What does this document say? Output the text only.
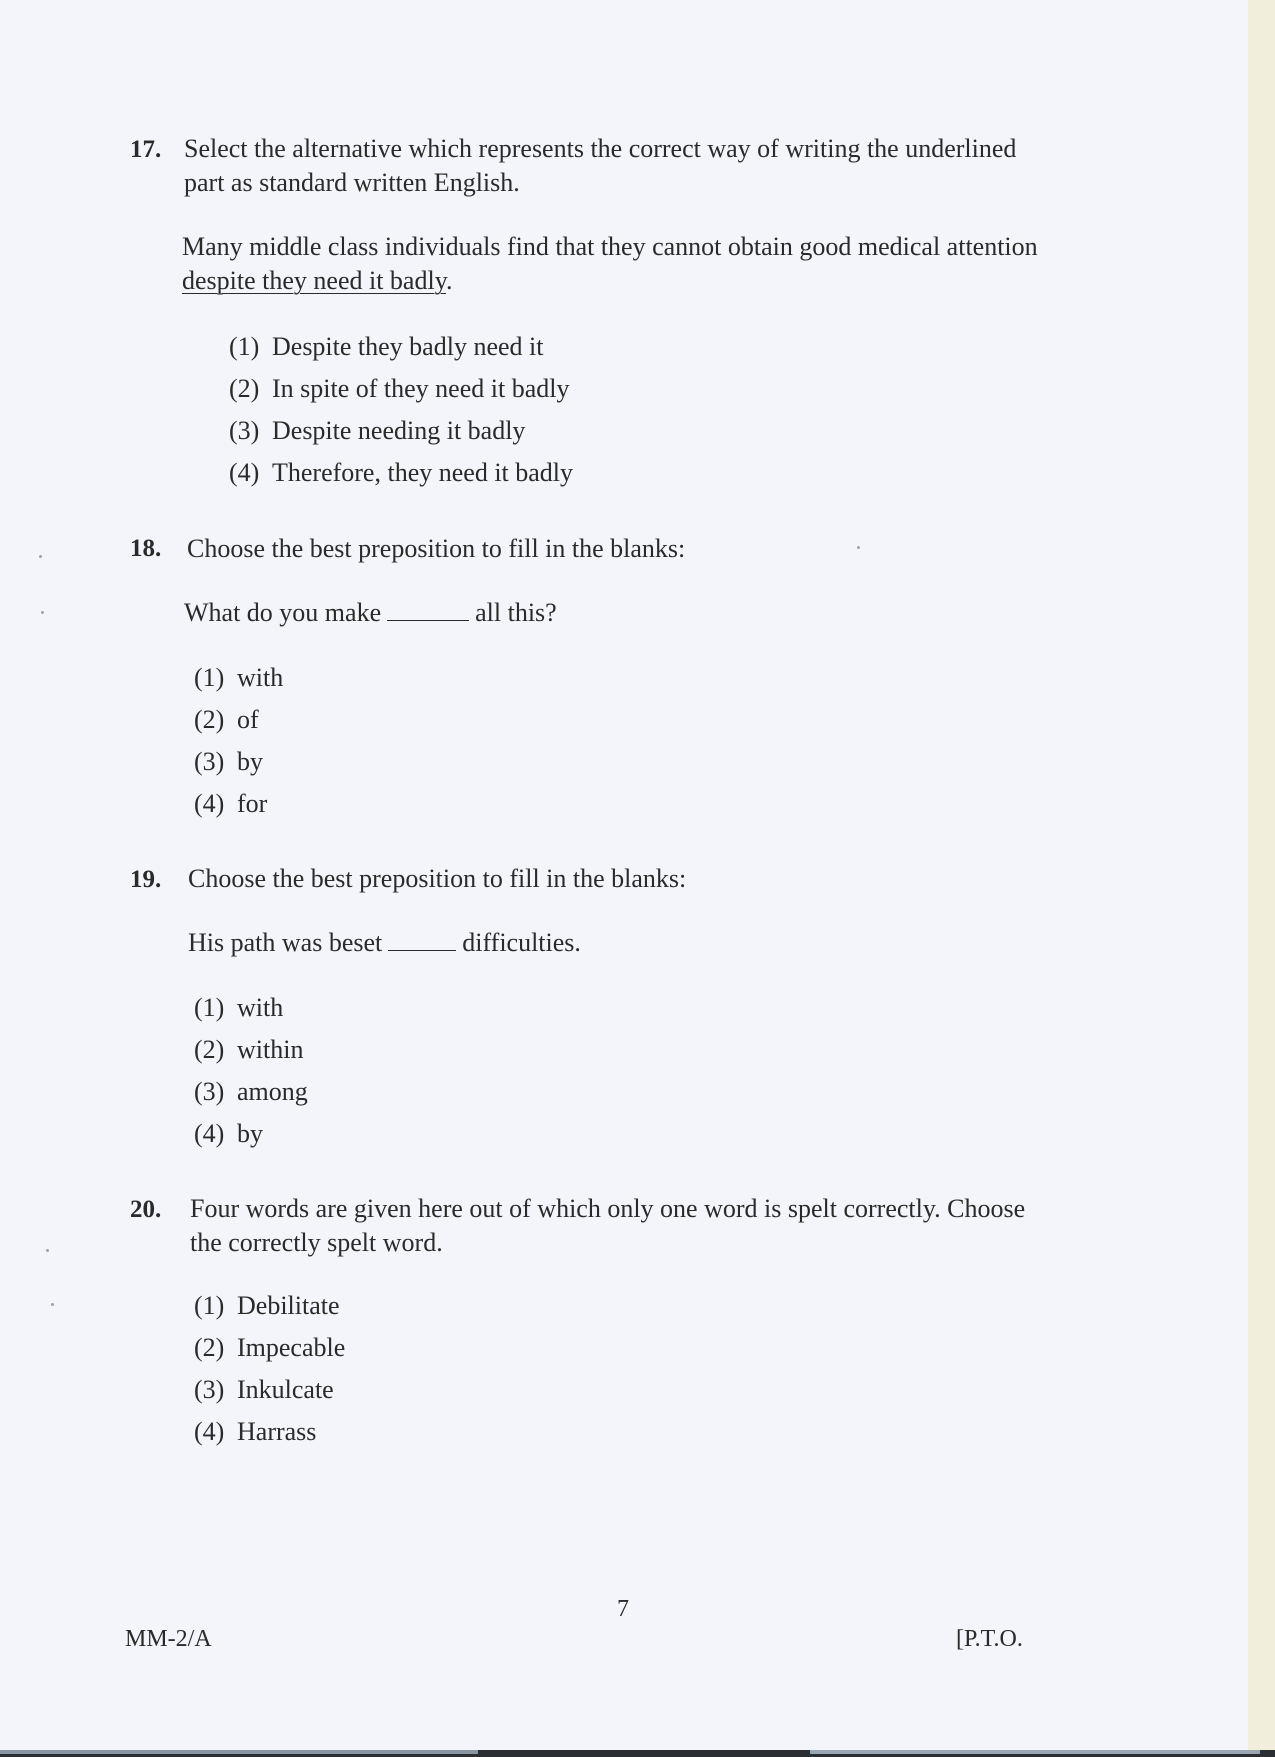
17. Select the alternative which represents the correct way of writing the underlined
part as standard written English.
Many middle class individuals find that they cannot obtain good medical attention
despite they need it badly.
(1) Despite they badly need it
(2) In spite of they need it badly
(3) Despite needing it badly
(4) Therefore, they need it badly
18. Choose the best preposition to fill in the blanks:
What do you make	all this?
(1) with
(2) of
(3) by
(4) for
19. Choose the best preposition to fill in the blanks:
His path was beset	difficulties.
(1) with
(2) within
(3) among
(4) by
20. Four words are given here out of which only one word is spelt correctly. Choose
the correctly spelt word.
(1) Debilitate
(2) Impecable
(3) Inkulcate
(4) Harrass
7
MM-2/A	[P.T.O.
